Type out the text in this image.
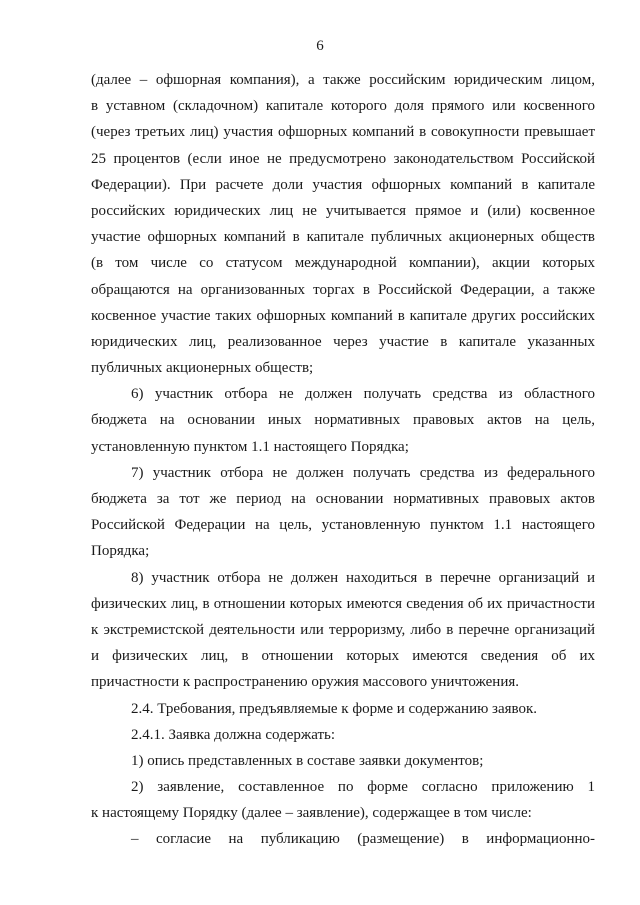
6
(далее – офшорная компания), а также российским юридическим лицом,
в уставном (складочном) капитале которого доля прямого или косвенного
(через третьих лиц) участия офшорных компаний в совокупности превышает
25 процентов (если иное не предусмотрено законодательством Российской
Федерации). При расчете доли участия офшорных компаний в капитале
российских юридических лиц не учитывается прямое и (или) косвенное
участие офшорных компаний в капитале публичных акционерных обществ
(в том числе со статусом международной компании), акции которых
обращаются на организованных торгах в Российской Федерации, а также
косвенное участие таких офшорных компаний в капитале других российских
юридических лиц, реализованное через участие в капитале указанных
публичных акционерных обществ;
6) участник отбора не должен получать средства из областного
бюджета на основании иных нормативных правовых актов на цель,
установленную пунктом 1.1 настоящего Порядка;
7) участник отбора не должен получать средства из федерального
бюджета за тот же период на основании нормативных правовых актов
Российской Федерации на цель, установленную пунктом 1.1 настоящего
Порядка;
8) участник отбора не должен находиться в перечне организаций и
физических лиц, в отношении которых имеются сведения об их причастности
к экстремистской деятельности или терроризму, либо в перечне организаций
и физических лиц, в отношении которых имеются сведения об их
причастности к распространению оружия массового уничтожения.
2.4. Требования, предъявляемые к форме и содержанию заявок.
2.4.1. Заявка должна содержать:
1) опись представленных в составе заявки документов;
2) заявление, составленное по форме согласно приложению 1
к настоящему Порядку (далее – заявление), содержащее в том числе:
– согласие на публикацию (размещение) в информационно-
